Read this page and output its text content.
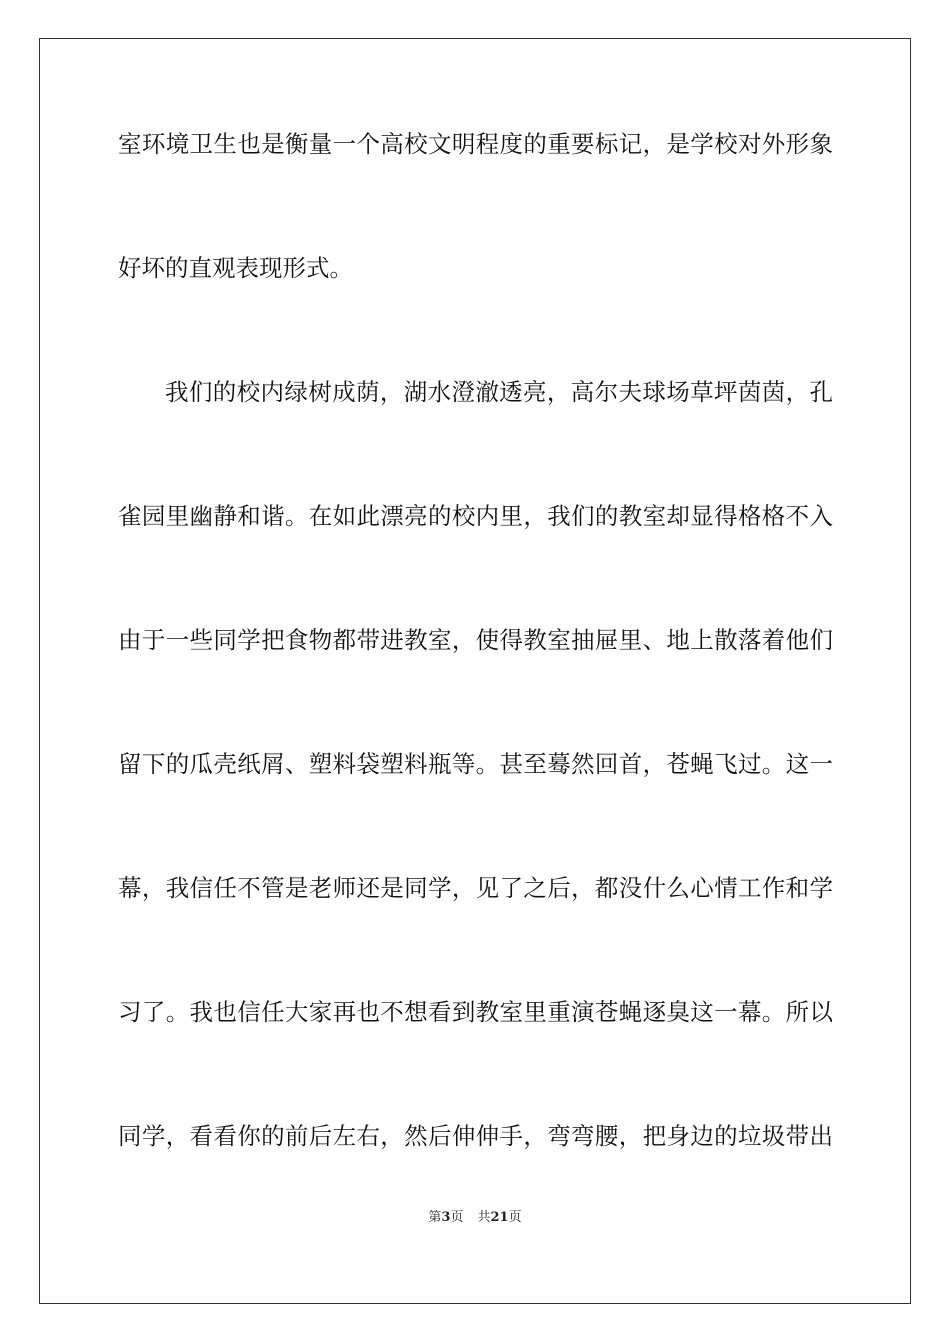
室环境卫生也是衡量一个高校文明程度的重要标记，是学校对外形象
好坏的直观表现形式。
我们的校内绿树成荫，湖水澄澈透亮，高尔夫球场草坪茵茵，孔
雀园里幽静和谐。在如此漂亮的校内里，我们的教室却显得格格不入
由于一些同学把食物都带进教室，使得教室抽屉里、地上散落着他们
留下的瓜壳纸屑、塑料袋塑料瓶等。甚至蓦然回首，苍蝇飞过。这一
幕，我信任不管是老师还是同学，见了之后，都没什么心情工作和学
习了。我也信任大家再也不想看到教室里重演苍蝇逐臭这一幕。所以
同学，看看你的前后左右，然后伸伸手，弯弯腰，把身边的垃圾带出
第3页 共21页
